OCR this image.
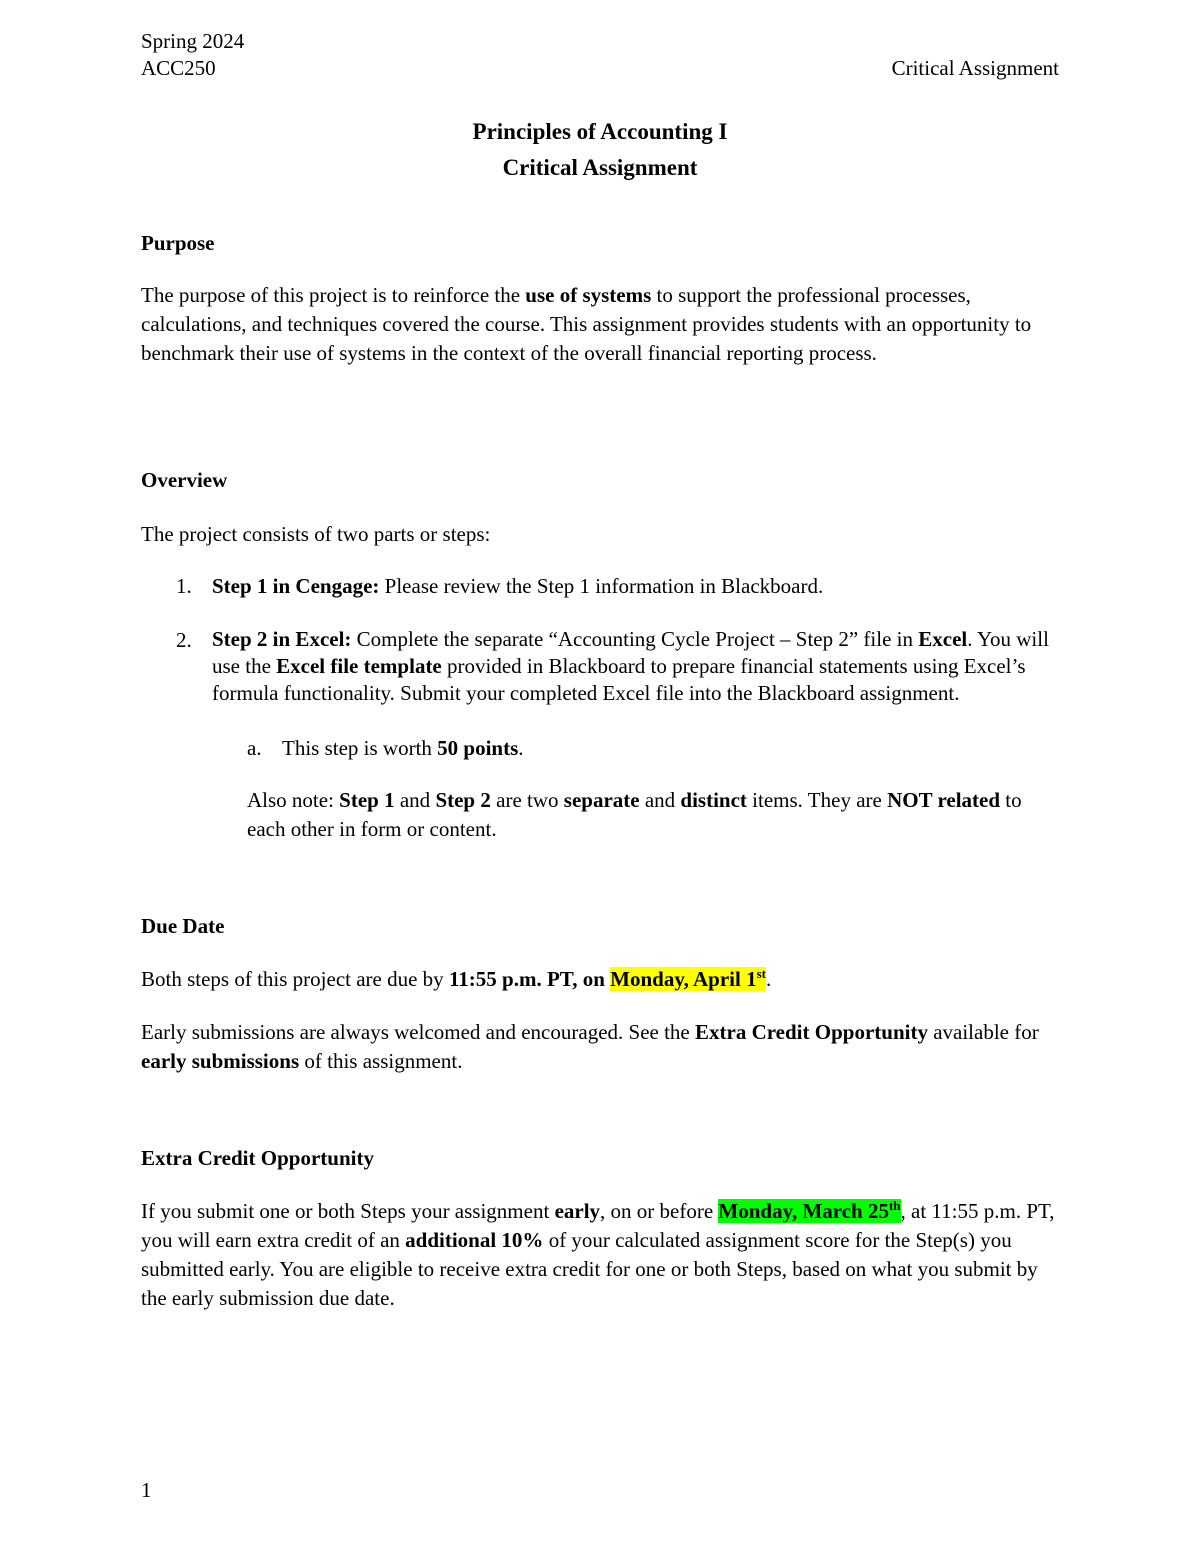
Spring 2024
ACC250	Critical Assignment
Principles of Accounting I
Critical Assignment
Purpose
The purpose of this project is to reinforce the use of systems to support the professional processes, calculations, and techniques covered the course. This assignment provides students with an opportunity to benchmark their use of systems in the context of the overall financial reporting process.
Overview
The project consists of two parts or steps:
1. Step 1 in Cengage: Please review the Step 1 information in Blackboard.
2. Step 2 in Excel: Complete the separate “Accounting Cycle Project – Step 2” file in Excel. You will use the Excel file template provided in Blackboard to prepare financial statements using Excel’s formula functionality. Submit your completed Excel file into the Blackboard assignment.
a. This step is worth 50 points.
Also note: Step 1 and Step 2 are two separate and distinct items. They are NOT related to each other in form or content.
Due Date
Both steps of this project are due by 11:55 p.m. PT, on Monday, April 1st.
Early submissions are always welcomed and encouraged. See the Extra Credit Opportunity available for early submissions of this assignment.
Extra Credit Opportunity
If you submit one or both Steps your assignment early, on or before Monday, March 25th, at 11:55 p.m. PT, you will earn extra credit of an additional 10% of your calculated assignment score for the Step(s) you submitted early. You are eligible to receive extra credit for one or both Steps, based on what you submit by the early submission due date.
1
